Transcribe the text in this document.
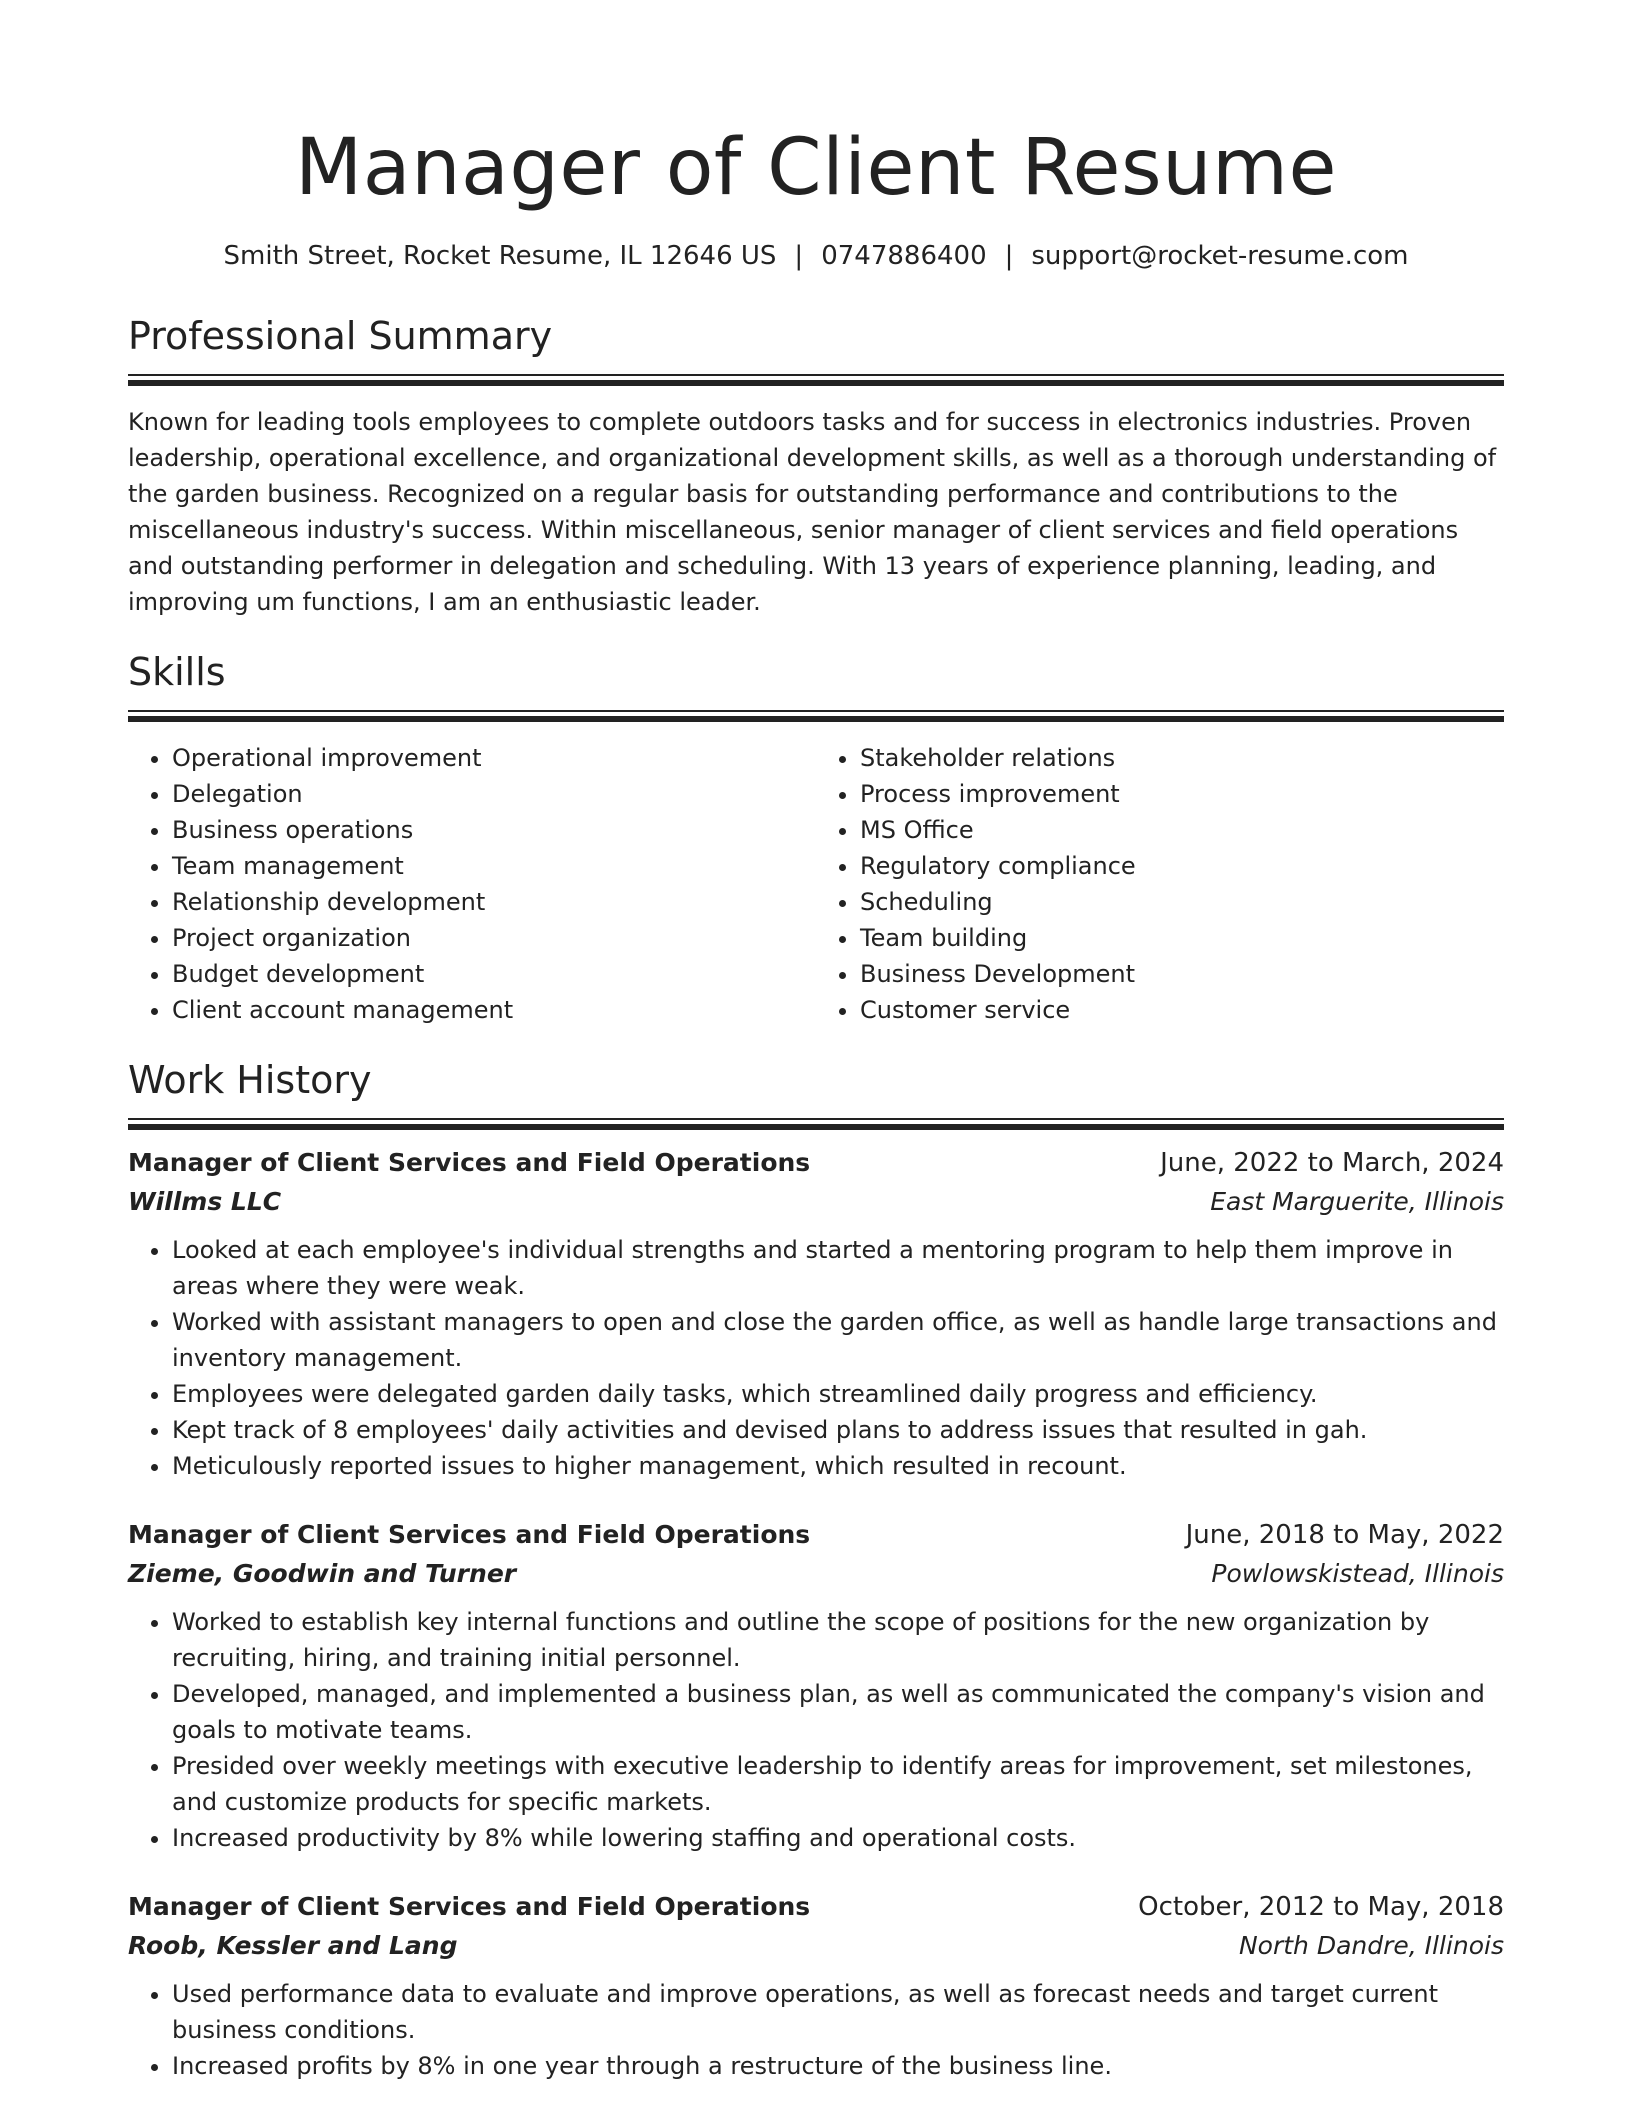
Manager of Client Resume
Smith Street, Rocket Resume, IL 12646 US | 0747886400 | support@rocket-resume.com
Professional Summary

Known for leading tools employees to complete outdoors tasks and for success in electronics industries. Proven leadership, operational excellence, and organizational development skills, as well as a thorough understanding of the garden business. Recognized on a regular basis for outstanding performance and contributions to the miscellaneous industry's success. Within miscellaneous, senior manager of client services and field operations and outstanding performer in delegation and scheduling. With 13 years of experience planning, leading, and improving um functions, I am an enthusiastic leader.

Skills
• Operational improvement
• Delegation
• Business operations
• Team management
• Relationship development
• Project organization
• Budget development
• Client account management
• Stakeholder relations
• Process improvement
• MS Office
• Regulatory compliance
• Scheduling
• Team building
• Business Development
• Customer service
Work History
Manager of Client Services and Field Operations	June, 2022 to March, 2024
Willms LLC	East Marguerite, Illinois
• Looked at each employee's individual strengths and started a mentoring program to help them improve in areas where they were weak.
• Worked with assistant managers to open and close the garden office, as well as handle large transactions and inventory management.
• Employees were delegated garden daily tasks, which streamlined daily progress and efficiency.
• Kept track of 8 employees' daily activities and devised plans to address issues that resulted in gah.
• Meticulously reported issues to higher management, which resulted in recount.
Manager of Client Services and Field Operations	June, 2018 to May, 2022
Zieme, Goodwin and Turner	Powlowskistead, Illinois
• Worked to establish key internal functions and outline the scope of positions for the new organization by recruiting, hiring, and training initial personnel.
• Developed, managed, and implemented a business plan, as well as communicated the company's vision and goals to motivate teams.
• Presided over weekly meetings with executive leadership to identify areas for improvement, set milestones, and customize products for specific markets.
• Increased productivity by 8% while lowering staffing and operational costs.
Manager of Client Services and Field Operations	October, 2012 to May, 2018
Roob, Kessler and Lang	North Dandre, Illinois
• Used performance data to evaluate and improve operations, as well as forecast needs and target current business conditions.
• Increased profits by 8% in one year through a restructure of the business line.
